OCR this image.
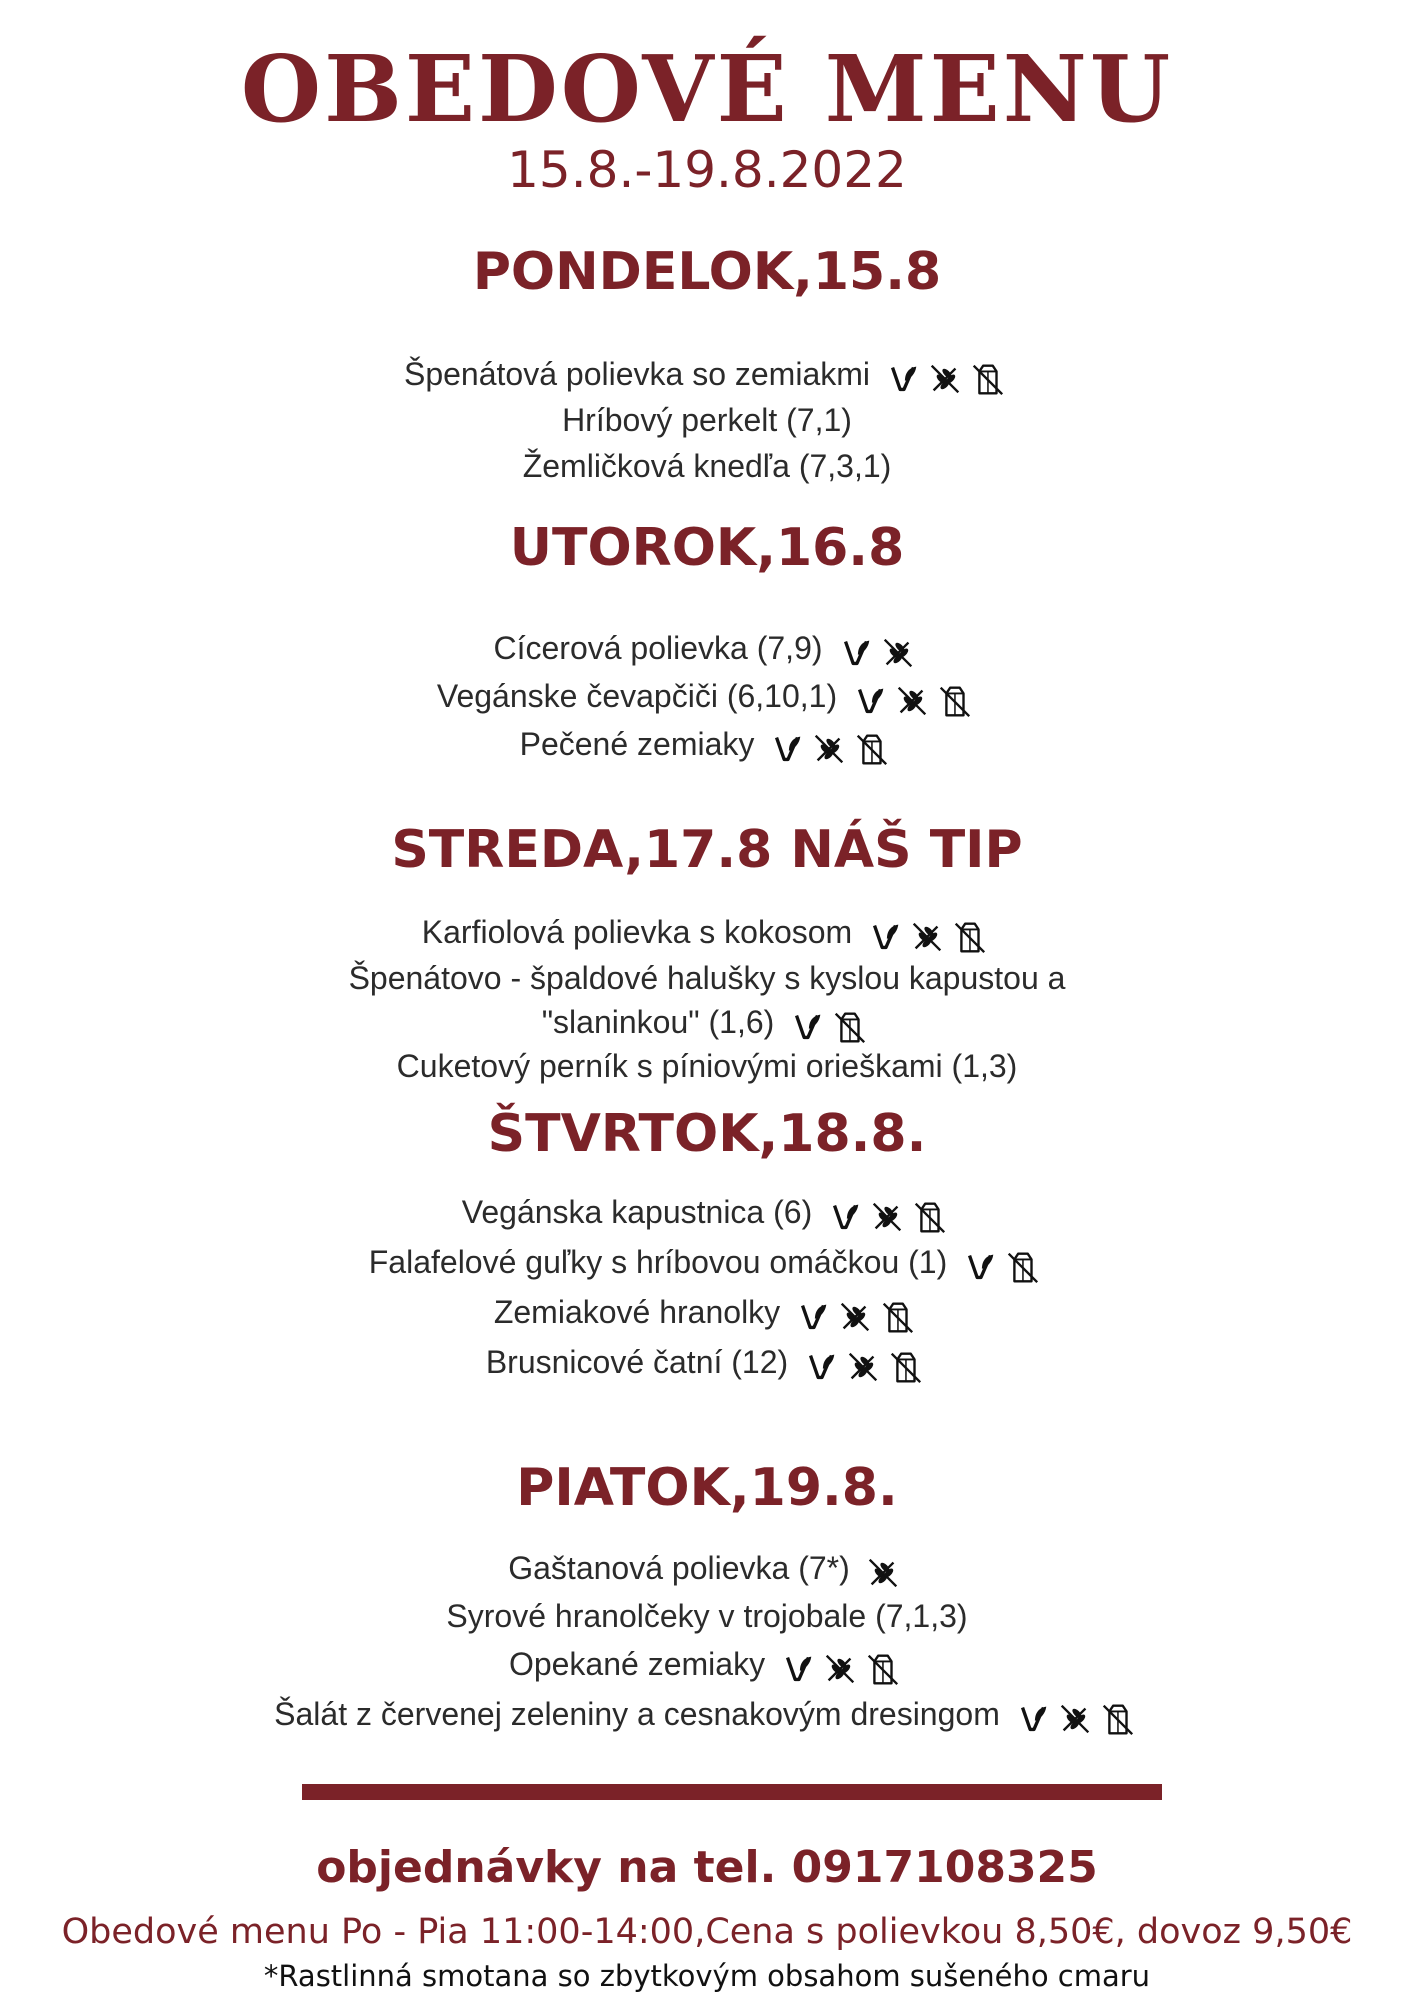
OBEDOVÉ MENU
15.8.-19.8.2022
PONDELOK,15.8
Špenátová polievka so zemiakmi
Hríbový perkelt (7,1)
Žemličková knedľa (7,3,1)
UTOROK,16.8
Cícerová polievka (7,9)
Vegánske čevapčiči (6,10,1)
Pečené zemiaky
STREDA,17.8 NÁŠ TIP
Karfiolová polievka s kokosom
Špenátovo - špaldové halušky s kyslou kapustou a
"slaninkou" (1,6)
Cuketový perník s píniovými orieškami (1,3)
ŠTVRTOK,18.8.
Vegánska kapustnica (6)
Falafelové guľky s hríbovou omáčkou (1)
Zemiakové hranolky
Brusnicové čatní (12)
PIATOK,19.8.
Gaštanová polievka (7*)
Syrové hranolčeky v trojobale (7,1,3)
Opekané zemiaky
Šalát z červenej zeleniny a cesnakovým dresingom
objednávky na tel. 0917108325
Obedové menu Po - Pia 11:00-14:00,Cena s polievkou 8,50€, dovoz 9,50€
*Rastlinná smotana so zbytkovým obsahom sušeného cmaru
